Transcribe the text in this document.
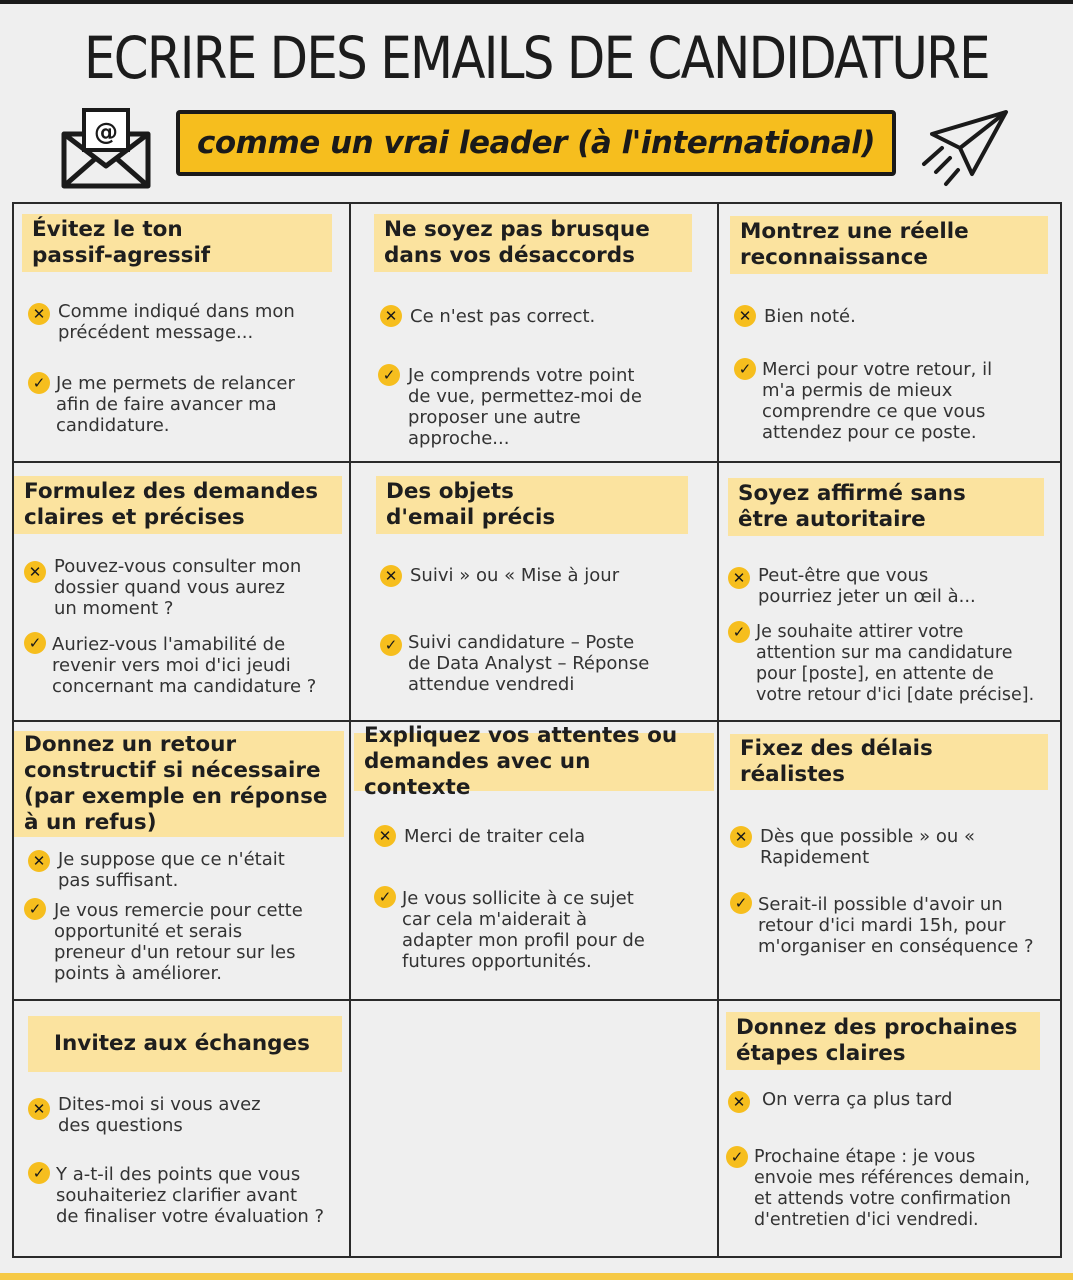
ECRIRE DES EMAILS DE CANDIDATURE
@	comme un vrai leader (à l'international)
Évitez le ton
passif-agressif
✕ Comme indiqué dans mon
précédent message...
✓ Je me permets de relancer
afin de faire avancer ma
candidature.
Ne soyez pas brusque
dans vos désaccords
✕ Ce n'est pas correct.
✓ Je comprends votre point
de vue, permettez-moi de
proposer une autre
approche...
Montrez une réelle
reconnaissance
✕ Bien noté.
✓ Merci pour votre retour, il
m'a permis de mieux
comprendre ce que vous
attendez pour ce poste.
Formulez des demandes
claires et précises
✕ Pouvez-vous consulter mon
dossier quand vous aurez
un moment ?
✓ Auriez-vous l'amabilité de
revenir vers moi d'ici jeudi
concernant ma candidature ?
Des objets
d'email précis
✕ Suivi » ou « Mise à jour
✓ Suivi candidature – Poste
de Data Analyst – Réponse
attendue vendredi
Soyez affirmé sans
être autoritaire
✕ Peut-être que vous
pourriez jeter un œil à...
✓ Je souhaite attirer votre
attention sur ma candidature
pour [poste], en attente de
votre retour d'ici [date précise].
Donnez un retour
constructif si nécessaire
(par exemple en réponse
à un refus)
✕ Je suppose que ce n'était
pas suffisant.
✓ Je vous remercie pour cette
opportunité et serais
preneur d'un retour sur les
points à améliorer.
Expliquez vos attentes ou
demandes avec un contexte
✕ Merci de traiter cela
✓ Je vous sollicite à ce sujet
car cela m'aiderait à
adapter mon profil pour de
futures opportunités.
Fixez des délais
réalistes
✕ Dès que possible » ou «
Rapidement
✓ Serait-il possible d'avoir un
retour d'ici mardi 15h, pour
m'organiser en conséquence ?
Invitez aux échanges
✕ Dites-moi si vous avez
des questions
✓ Y a-t-il des points que vous
souhaiteriez clarifier avant
de finaliser votre évaluation ?
Donnez des prochaines
étapes claires
✕ On verra ça plus tard
✓ Prochaine étape : je vous
envoie mes références demain,
et attends votre confirmation
d'entretien d'ici vendredi.
